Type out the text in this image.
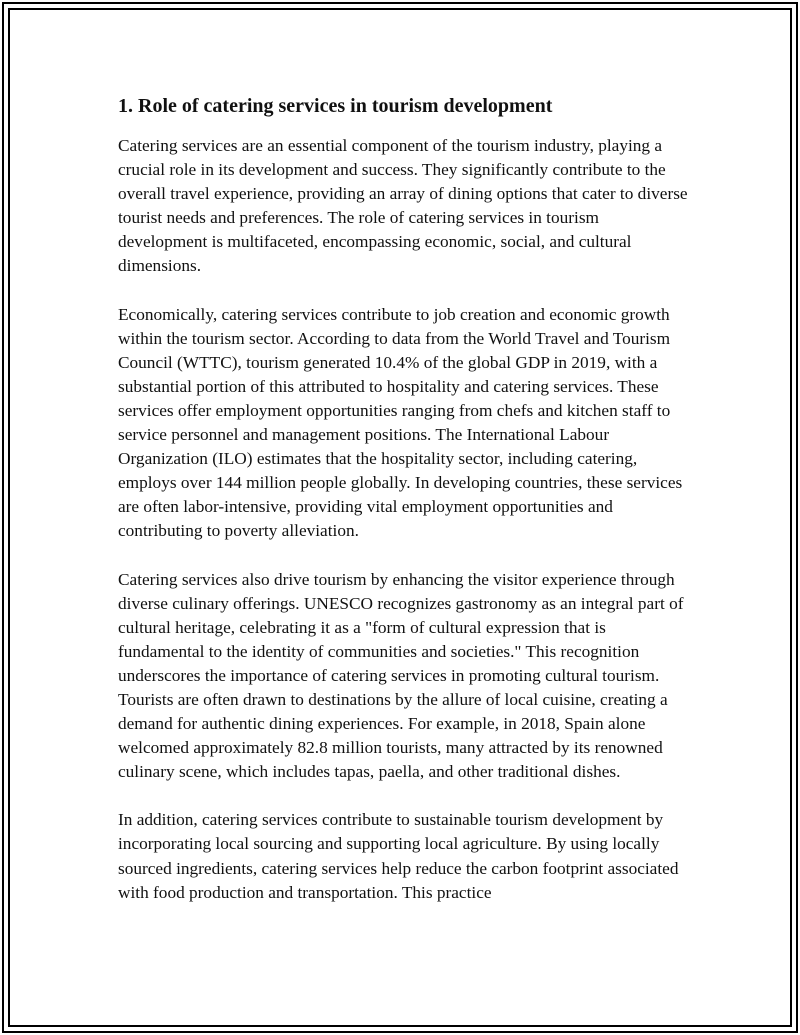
1. Role of catering services in tourism development

Catering services are an essential component of the tourism industry, playing a crucial role in its development and success. They significantly contribute to the overall travel experience, providing an array of dining options that cater to diverse tourist needs and preferences. The role of catering services in tourism development is multifaceted, encompassing economic, social, and cultural dimensions.

Economically, catering services contribute to job creation and economic growth within the tourism sector. According to data from the World Travel and Tourism Council (WTTC), tourism generated 10.4% of the global GDP in 2019, with a substantial portion of this attributed to hospitality and catering services. These services offer employment opportunities ranging from chefs and kitchen staff to service personnel and management positions. The International Labour Organization (ILO) estimates that the hospitality sector, including catering, employs over 144 million people globally. In developing countries, these services are often labor-intensive, providing vital employment opportunities and contributing to poverty alleviation.

Catering services also drive tourism by enhancing the visitor experience through diverse culinary offerings. UNESCO recognizes gastronomy as an integral part of cultural heritage, celebrating it as a "form of cultural expression that is fundamental to the identity of communities and societies." This recognition underscores the importance of catering services in promoting cultural tourism. Tourists are often drawn to destinations by the allure of local cuisine, creating a demand for authentic dining experiences. For example, in 2018, Spain alone welcomed approximately 82.8 million tourists, many attracted by its renowned culinary scene, which includes tapas, paella, and other traditional dishes.

In addition, catering services contribute to sustainable tourism development by incorporating local sourcing and supporting local agriculture. By using locally sourced ingredients, catering services help reduce the carbon footprint associated with food production and transportation. This practice
